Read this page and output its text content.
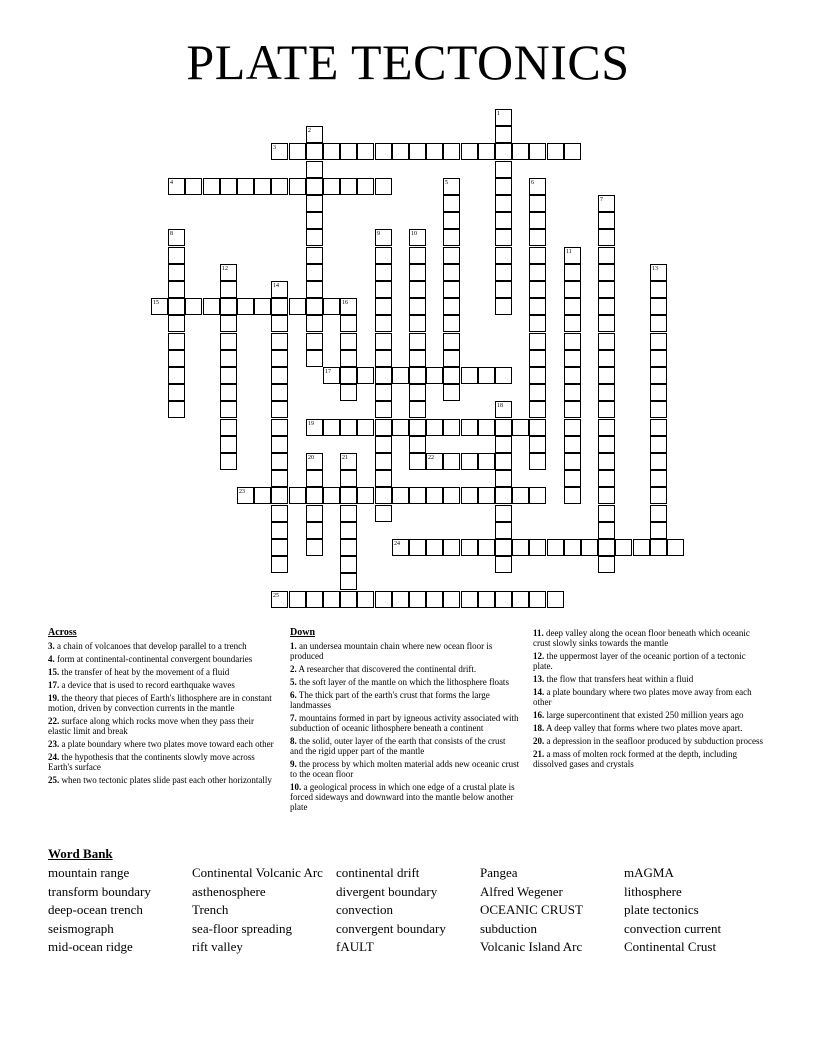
PLATE TECTONICS
1
2
3
4	5	6
7
8	9	10
11
12	13
14
15	16
17
18
19
20	21	22
23
24
25
Across
3. a chain of volcanoes that develop parallel to a trench
4. form at continental-continental convergent boundaries
15. the transfer of heat by the movement of a fluid
17. a device that is used to record earthquake waves
19. the theory that pieces of Earth's lithosphere are in constant motion, driven by convection currents in the mantle
22. surface along which rocks move when they pass their elastic limit and break
23. a plate boundary where two plates move toward each other
24. the hypothesis that the continents slowly move across Earth's surface
25. when two tectonic plates slide past each other horizontally
Down
1. an undersea mountain chain where new ocean floor is produced
2. A researcher that discovered the continental drift.
5. the soft layer of the mantle on which the lithosphere floats
6. The thick part of the earth's crust that forms the large landmasses
7. mountains formed in part by igneous activity associated with subduction of oceanic lithosphere beneath a continent
8. the solid, outer layer of the earth that consists of the crust and the rigid upper part of the mantle
9. the process by which molten material adds new oceanic crust to the ocean floor
10. a geological process in which one edge of a crustal plate is forced sideways and downward into the mantle below another plate
11. deep valley along the ocean floor beneath which oceanic crust slowly sinks towards the mantle
12. the uppermost layer of the oceanic portion of a tectonic plate.
13. the flow that transfers heat within a fluid
14. a plate boundary where two plates move away from each other
16. large supercontinent that existed 250 million years ago
18. A deep valley that forms where two plates move apart.
20. a depression in the seafloor produced by subduction process
21. a mass of molten rock formed at the depth, including dissolved gases and crystals
Word Bank
mountain range	Continental Volcanic Arc	continental drift	Pangea	mAGMA
transform boundary	asthenosphere	divergent boundary	Alfred Wegener	lithosphere
deep-ocean trench	Trench	convection	OCEANIC CRUST	plate tectonics
seismograph	sea-floor spreading	convergent boundary	subduction	convection current
mid-ocean ridge	rift valley	fAULT	Volcanic Island Arc	Continental Crust
